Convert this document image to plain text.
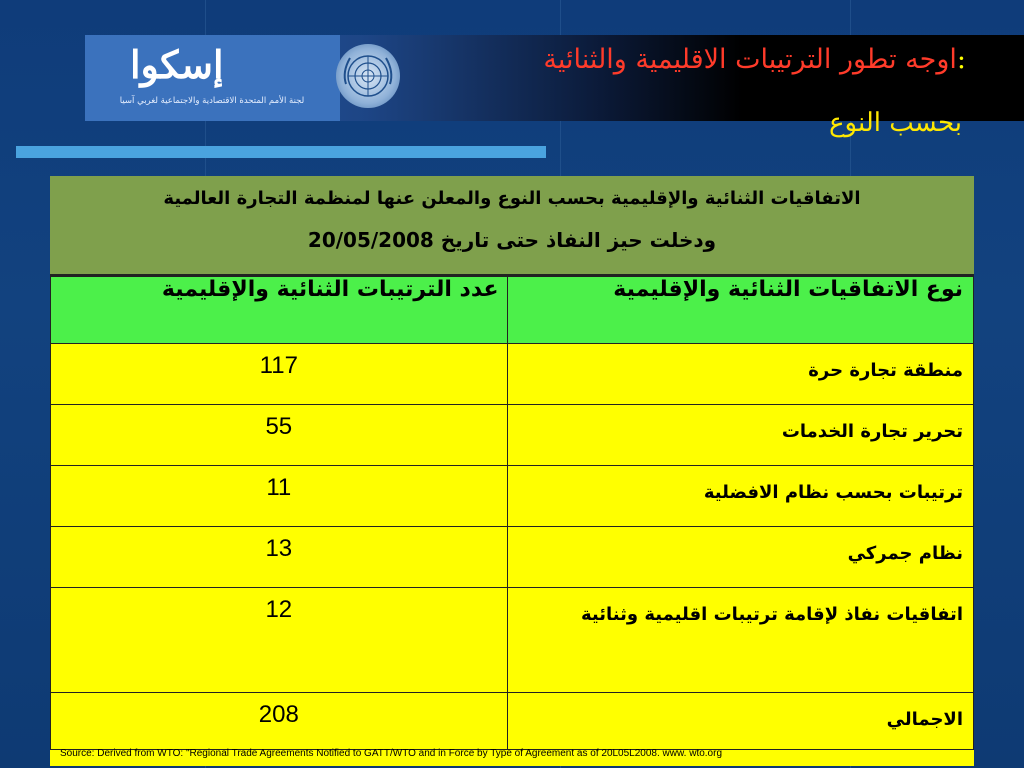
إسكوا
لجنة الأمم المتحدة الاقتصادية والاجتماعية لغربي آسيا
:اوجه تطور الترتيبات الاقليمية والثنائية
بحسب النوع
الاتفاقيات الثنائية والإقليمية بحسب النوع والمعلن عنها لمنظمة التجارة العالمية
ودخلت حيز النفاذ حتى تاريخ 20/05/2008
نوع الاتفاقيات الثنائية والإقليمية	عدد الترتيبات الثنائية والإقليمية
منطقة تجارة حرة	117
تحرير تجارة الخدمات	55
ترتيبات بحسب نظام الافضلية	11
نظام جمركي	13
اتفاقيات نفاذ لإقامة ترتيبات اقليمية وثنائية	12
الاجمالي	208
Source: Derived from WTO: "Regional Trade Agreements Notified to GATT/WTO and in Force by Type of Agreement as of 20L05L2008. www. wto.org
